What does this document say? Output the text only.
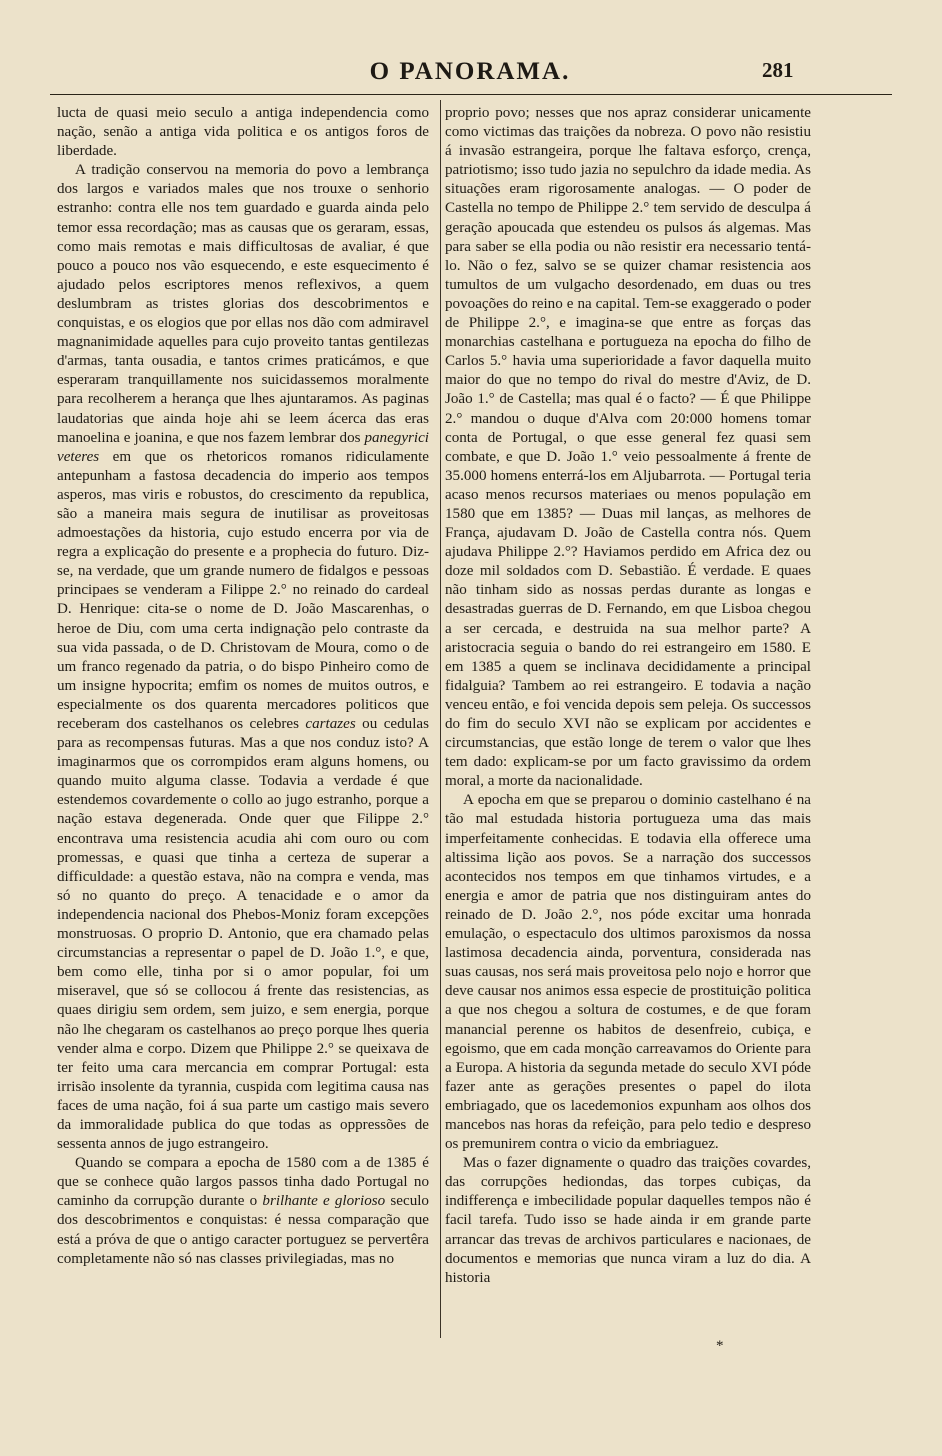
O PANORAMA.	281

lucta de quasi meio seculo a antiga independencia como nação, senão a antiga vida politica e os antigos foros de liberdade.

A tradição conservou na memoria do povo a lembrança dos largos e variados males que nos trouxe o senhorio estranho: contra elle nos tem guardado e guarda ainda pelo temor essa recordação; mas as causas que os geraram, essas, como mais remotas e mais difficultosas de avaliar, é que pouco a pouco nos vão esquecendo, e este esquecimento é ajudado pelos escriptores menos reflexivos, a quem deslumbram as tristes glorias dos descobrimentos e conquistas, e os elogios que por ellas nos dão com admiravel magnanimidade aquelles para cujo proveito tantas gentilezas d'armas, tanta ousadia, e tantos crimes praticámos, e que esperaram tranquillamente nos suicidassemos moralmente para recolherem a herança que lhes ajuntaramos. As paginas laudatorias que ainda hoje ahi se leem ácerca das eras manoelina e joanina, e que nos fazem lembrar dos panegyrici veteres em que os rhetoricos romanos ridiculamente antepunham a fastosa decadencia do imperio aos tempos asperos, mas viris e robustos, do crescimento da republica, são a maneira mais segura de inutilisar as proveitosas admoestações da historia, cujo estudo encerra por via de regra a explicação do presente e a prophecia do futuro. Diz-se, na verdade, que um grande numero de fidalgos e pessoas principaes se venderam a Filippe 2.° no reinado do cardeal D. Henrique: cita-se o nome de D. João Mascarenhas, o heroe de Diu, com uma certa indignação pelo contraste da sua vida passada, o de D. Christovam de Moura, como o de um franco regenado da patria, o do bispo Pinheiro como de um insigne hypocrita; emfim os nomes de muitos outros, e especialmente os dos quarenta mercadores politicos que receberam dos castelhanos os celebres cartazes ou cedulas para as recompensas futuras. Mas a que nos conduz isto? A imaginarmos que os corrompidos eram alguns homens, ou quando muito alguma classe. Todavia a verdade é que estendemos covardemente o collo ao jugo estranho, porque a nação estava degenerada. Onde quer que Filippe 2.° encontrava uma resistencia acudia ahi com ouro ou com promessas, e quasi que tinha a certeza de superar a difficuldade: a questão estava, não na compra e venda, mas só no quanto do preço. A tenacidade e o amor da independencia nacional dos Phebos-Moniz foram excepções monstruosas. O proprio D. Antonio, que era chamado pelas circumstancias a representar o papel de D. João 1.°, e que, bem como elle, tinha por si o amor popular, foi um miseravel, que só se collocou á frente das resistencias, as quaes dirigiu sem ordem, sem juizo, e sem energia, porque não lhe chegaram os castelhanos ao preço porque lhes queria vender alma e corpo. Dizem que Philippe 2.° se queixava de ter feito uma cara mercancia em comprar Portugal: esta irrisão insolente da tyrannia, cuspida com legitima causa nas faces de uma nação, foi á sua parte um castigo mais severo da immoralidade publica do que todas as oppressões de sessenta annos de jugo estrangeiro.

Quando se compara a epocha de 1580 com a de 1385 é que se conhece quão largos passos tinha dado Portugal no caminho da corrupção durante o brilhante e glorioso seculo dos descobrimentos e conquistas: é nessa comparação que está a próva de que o antigo caracter portuguez se pervertêra completamente não só nas classes privilegiadas, mas no

proprio povo; nesses que nos apraz considerar unicamente como victimas das traições da nobreza. O povo não resistiu á invasão estrangeira, porque lhe faltava esforço, crença, patriotismo; isso tudo jazia no sepulchro da idade media. As situações eram rigorosamente analogas. — O poder de Castella no tempo de Philippe 2.° tem servido de desculpa á geração apoucada que estendeu os pulsos ás algemas. Mas para saber se ella podia ou não resistir era necessario tentá-lo. Não o fez, salvo se se quizer chamar resistencia aos tumultos de um vulgacho desordenado, em duas ou tres povoações do reino e na capital. Tem-se exaggerado o poder de Philippe 2.°, e imagina-se que entre as forças das monarchias castelhana e portugueza na epocha do filho de Carlos 5.° havia uma superioridade a favor daquella muito maior do que no tempo do rival do mestre d'Aviz, de D. João 1.° de Castella; mas qual é o facto? — É que Philippe 2.° mandou o duque d'Alva com 20:000 homens tomar conta de Portugal, o que esse general fez quasi sem combate, e que D. João 1.° veio pessoalmente á frente de 35.000 homens enterrá-los em Aljubarrota. — Portugal teria acaso menos recursos materiaes ou menos população em 1580 que em 1385? — Duas mil lanças, as melhores de França, ajudavam D. João de Castella contra nós. Quem ajudava Philippe 2.°? Haviamos perdido em Africa dez ou doze mil soldados com D. Sebastião. É verdade. E quaes não tinham sido as nossas perdas durante as longas e desastradas guerras de D. Fernando, em que Lisboa chegou a ser cercada, e destruida na sua melhor parte? A aristocracia seguia o bando do rei estrangeiro em 1580. E em 1385 a quem se inclinava decididamente a principal fidalguia? Tambem ao rei estrangeiro. E todavia a nação venceu então, e foi vencida depois sem peleja. Os successos do fim do seculo XVI não se explicam por accidentes e circumstancias, que estão longe de terem o valor que lhes tem dado: explicam-se por um facto gravissimo da ordem moral, a morte da nacionalidade.

A epocha em que se preparou o dominio castelhano é na tão mal estudada historia portugueza uma das mais imperfeitamente conhecidas. E todavia ella offerece uma altissima lição aos povos. Se a narração dos successos acontecidos nos tempos em que tinhamos virtudes, e a energia e amor de patria que nos distinguiram antes do reinado de D. João 2.°, nos póde excitar uma honrada emulação, o espectaculo dos ultimos paroxismos da nossa lastimosa decadencia ainda, porventura, considerada nas suas causas, nos será mais proveitosa pelo nojo e horror que deve causar nos animos essa especie de prostituição politica a que nos chegou a soltura de costumes, e de que foram manancial perenne os habitos de desenfreio, cubiça, e egoismo, que em cada monção carreavamos do Oriente para a Europa. A historia da segunda metade do seculo XVI póde fazer ante as gerações presentes o papel do ilota embriagado, que os lacedemonios expunham aos olhos dos mancebos nas horas da refeição, para pelo tedio e despreso os premunirem contra o vicio da embriaguez.

Mas o fazer dignamente o quadro das traições covardes, das corrupções hediondas, das torpes cubiças, da indifferença e imbecilidade popular daquelles tempos não é facil tarefa. Tudo isso se hade ainda ir em grande parte arrancar das trevas de archivos particulares e nacionaes, de documentos e memorias que nunca viram a luz do dia. A historia

*
